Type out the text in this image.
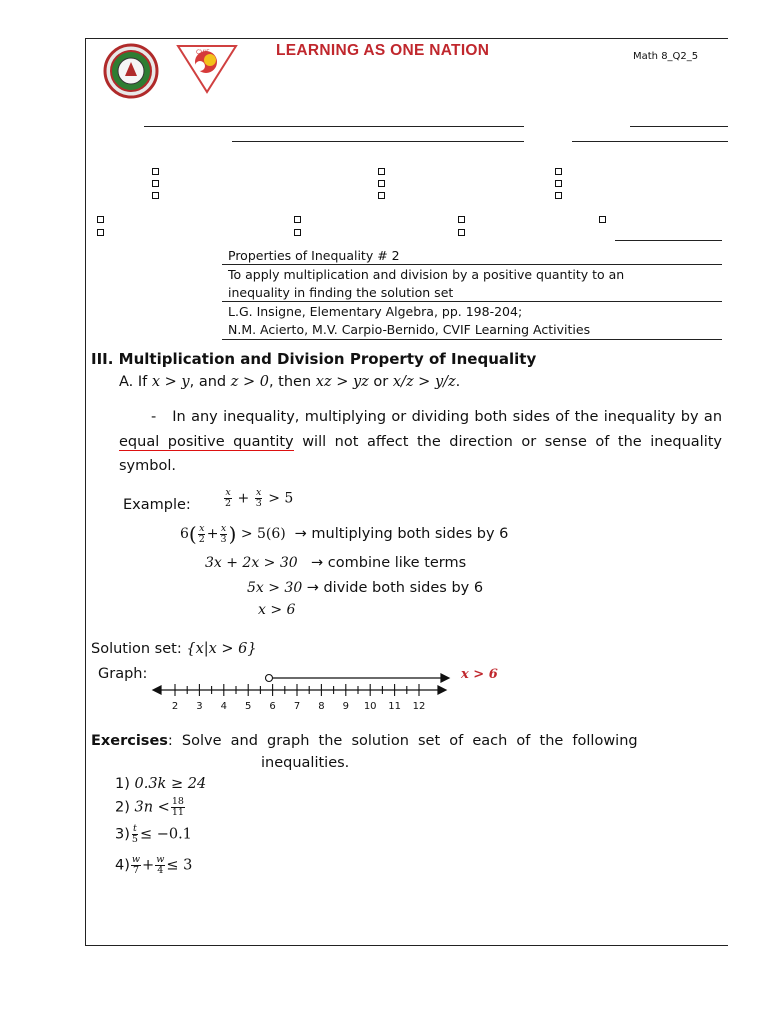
CVIF	LEARNING AS ONE NATION	Math 8_Q2_5
Properties of Inequality # 2
To apply multiplication and division by a positive quantity to an
inequality in finding the solution set
L.G. Insigne, Elementary Algebra, pp. 198-204;
N.M. Acierto, M.V. Carpio-Bernido, CVIF Learning Activities
III. Multiplication and Division Property of Inequality
A. If x > y, and z > 0, then xz > yz or x/z > y/z.
- In any inequality, multiplying or dividing both sides of the inequality by an equal positive quantity will not affect the direction or sense of the inequality symbol.
Example:	$\frac{x}{2} + \frac{x}{3} > 5$
$6( \frac{x}{2} + \frac{x}{3}$ ) > 5(6) → multiplying both sides by 6
3x + 2x > 30 → combine like terms
5x > 30 → divide both sides by 6
x > 6
Solution set: {x|x > 6}
Graph:
2 3 4 5 6 7 8 9 10 11 12
x > 6
Exercises: Solve and graph the solution set of each of the following
inequalities.
1) 0.3k ≥ 24
2) $3n < \frac{18}{11}$
$3) \frac{t}{5} \le -0.1$
$4) \frac{w}{7} + \frac{w}{4} \le 3$
